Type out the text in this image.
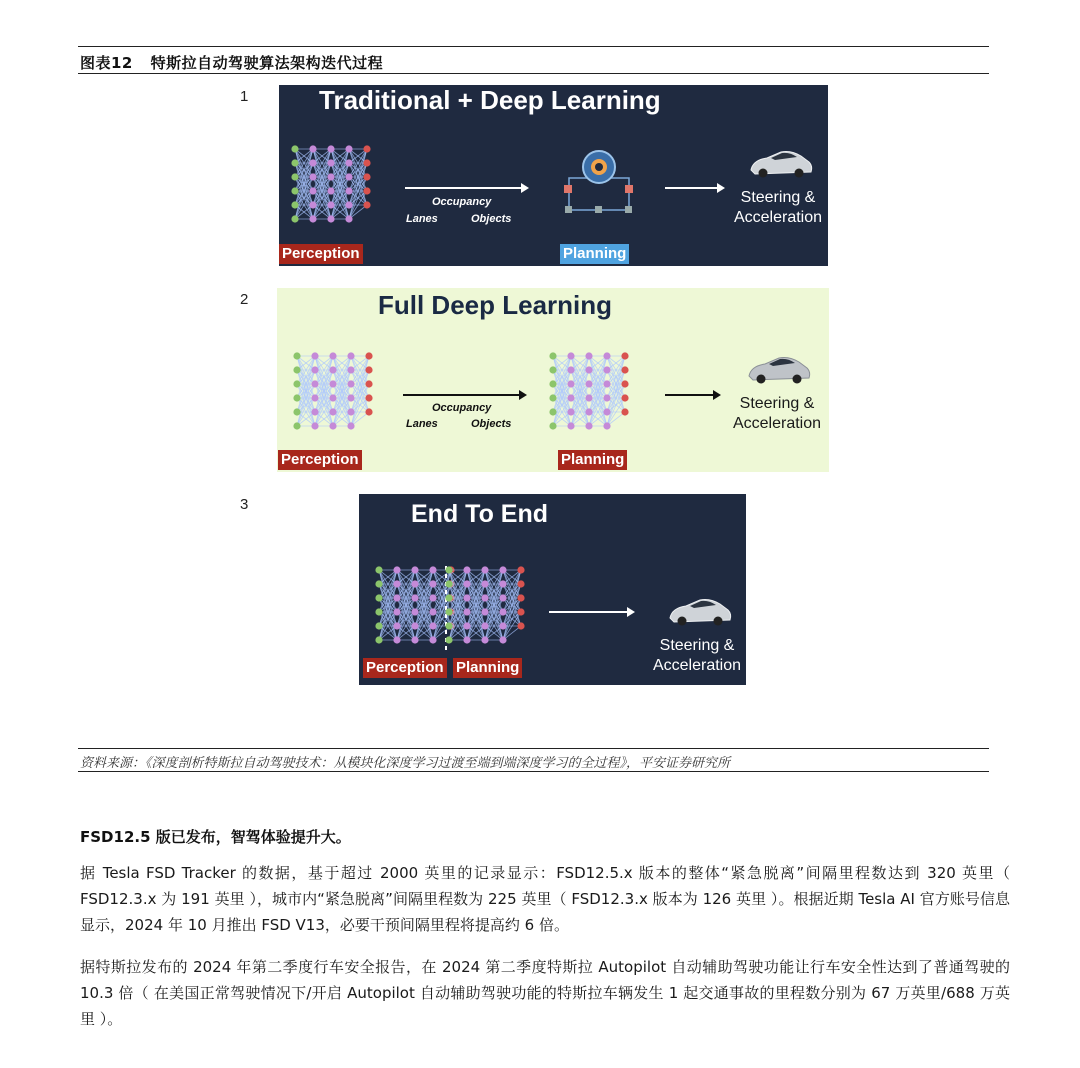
图表12 特斯拉自动驾驶算法架构迭代过程
1
2
3
Traditional + Deep Learning
Occupancy
Lanes	Objects
Steering &
Acceleration
Perception	Planning
Full Deep Learning
Occupancy
Lanes	Objects
Steering &
Acceleration
Perception	Planning
End To End
Steering &
Acceleration
Perception Planning
资料来源：《深度剖析特斯拉自动驾驶技术：从模块化深度学习过渡至端到端深度学习的全过程》，平安证券研究所
FSD12.5 版已发布，智驾体验提升大。
据 Tesla FSD Tracker 的数据，基于超过 2000 英里的记录显示：FSD12.5.x 版本的整体“紧急脱离”间隔里程数达到 320 英里（ FSD12.3.x 为 191 英里 ），城市内“紧急脱离”间隔里程数为 225 英里（ FSD12.3.x 版本为 126 英里 ）。根据近期 Tesla AI 官方账号信息显示，2024 年 10 月推出 FSD V13，必要干预间隔里程将提高约 6 倍。
据特斯拉发布的 2024 年第二季度行车安全报告，在 2024 第二季度特斯拉 Autopilot 自动辅助驾驶功能让行车安全性达到了普通驾驶的 10.3 倍（ 在美国正常驾驶情况下/开启 Autopilot 自动辅助驾驶功能的特斯拉车辆发生 1 起交通事故的里程数分别为 67 万英里/688 万英里 ）。
